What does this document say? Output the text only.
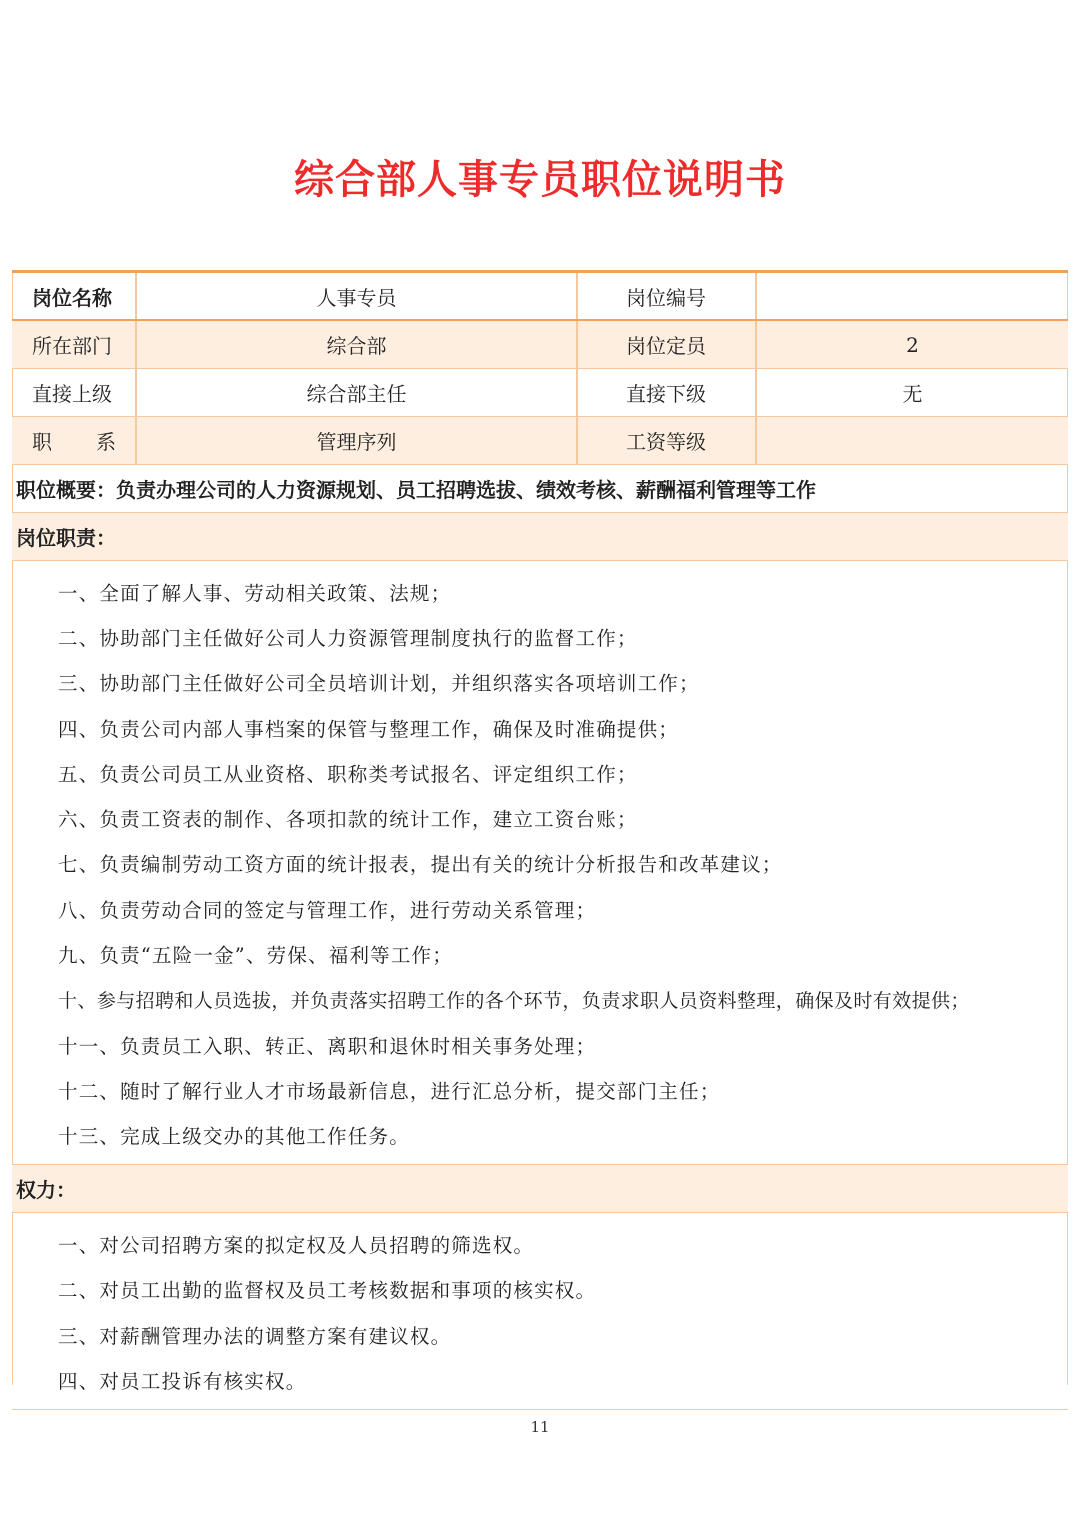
综合部人事专员职位说明书
岗位名称	人事专员	岗位编号
所在部门	综合部	岗位定员	2
直接上级	综合部主任	直接下级	无
职 系	管理序列	工资等级
职位概要：负责办理公司的人力资源规划、员工招聘选拔、绩效考核、薪酬福利管理等工作
岗位职责：
一、全面了解人事、劳动相关政策、法规；
二、协助部门主任做好公司人力资源管理制度执行的监督工作；
三、协助部门主任做好公司全员培训计划，并组织落实各项培训工作；
四、负责公司内部人事档案的保管与整理工作，确保及时准确提供；
五、负责公司员工从业资格、职称类考试报名、评定组织工作；
六、负责工资表的制作、各项扣款的统计工作，建立工资台账；
七、负责编制劳动工资方面的统计报表，提出有关的统计分析报告和改革建议；
八、负责劳动合同的签定与管理工作，进行劳动关系管理；
九、负责“五险一金”、劳保、福利等工作；
十、参与招聘和人员选拔，并负责落实招聘工作的各个环节，负责求职人员资料整理，确保及时有效提供；
十一、负责员工入职、转正、离职和退休时相关事务处理；
十二、随时了解行业人才市场最新信息，进行汇总分析，提交部门主任；
十三、完成上级交办的其他工作任务。
权力：
一、对公司招聘方案的拟定权及人员招聘的筛选权。
二、对员工出勤的监督权及员工考核数据和事项的核实权。
三、对薪酬管理办法的调整方案有建议权。
四、对员工投诉有核实权。
11
